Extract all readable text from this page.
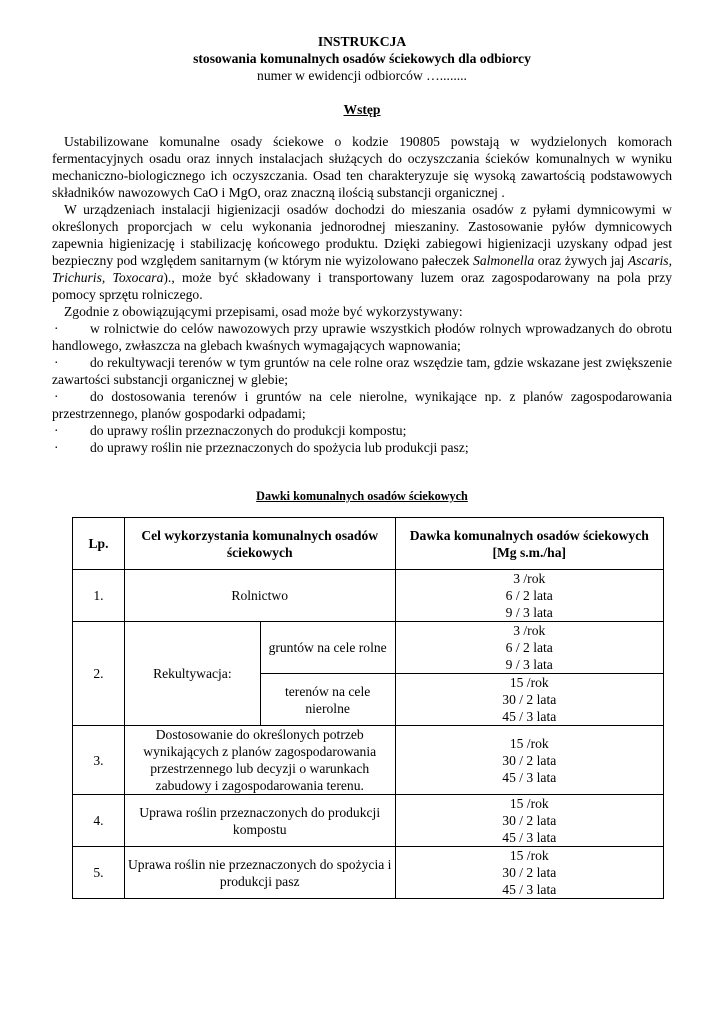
INSTRUKCJA
stosowania komunalnych osadów ściekowych dla odbiorcy
numer w ewidencji odbiorców …........
Wstęp

Ustabilizowane komunalne osady ściekowe o kodzie 190805 powstają w wydzielonych komorach fermentacyjnych osadu oraz innych instalacjach służących do oczyszczania ścieków komunalnych w wyniku mechaniczno-biologicznego ich oczyszczania. Osad ten charakteryzuje się wysoką zawartością podstawowych składników nawozowych CaO i MgO, oraz znaczną ilością substancji organicznej .

W urządzeniach instalacji higienizacji osadów dochodzi do mieszania osadów z pyłami dymnicowymi w określonych proporcjach w celu wykonania jednorodnej mieszaniny. Zastosowanie pyłów dymnicowych zapewnia higienizację i stabilizację końcowego produktu. Dzięki zabiegowi higienizacji uzyskany odpad jest bezpieczny pod względem sanitarnym (w którym nie wyizolowano pałeczek Salmonella oraz żywych jaj Ascaris, Trichuris, Toxocara)., może być składowany i transportowany luzem oraz zagospodarowany na pola przy pomocy sprzętu rolniczego.

Zgodnie z obowiązującymi przepisami, osad może być wykorzystywany:

· w rolnictwie do celów nawozowych przy uprawie wszystkich płodów rolnych wprowadzanych do obrotu handlowego, zwłaszcza na glebach kwaśnych wymagających wapnowania;
· do rekultywacji terenów w tym gruntów na cele rolne oraz wszędzie tam, gdzie wskazane jest zwiększenie zawartości substancji organicznej w glebie;
· do dostosowania terenów i gruntów na cele nierolne, wynikające np. z planów zagospodarowania przestrzennego, planów gospodarki odpadami;
· do uprawy roślin przeznaczonych do produkcji kompostu;
· do uprawy roślin nie przeznaczonych do spożycia lub produkcji pasz;
Dawki komunalnych osadów ściekowych
Lp.	Cel wykorzystania komunalnych osadów ściekowych		Dawka komunalnych osadów ściekowych
[Mg s.m./ha]

1.	Rolnictwo		3 /rok
6 / 2 lata
9 / 3 lata

2.	Rekultywacja:	gruntów na cele rolne	3 /rok
6 / 2 lata
9 / 3 lata

		terenów na cele nierolne	15 /rok
30 / 2 lata
45 / 3 lata

3.	Dostosowanie do określonych potrzeb wynikających z planów zagospodarowania przestrzennego lub decyzji o warunkach zabudowy i zagospodarowania terenu.		15 /rok
30 / 2 lata
45 / 3 lata

4.	Uprawa roślin przeznaczonych do produkcji kompostu		15 /rok
30 / 2 lata
45 / 3 lata

5.	Uprawa roślin nie przeznaczonych do spożycia i produkcji pasz		15 /rok
30 / 2 lata
45 / 3 lata
